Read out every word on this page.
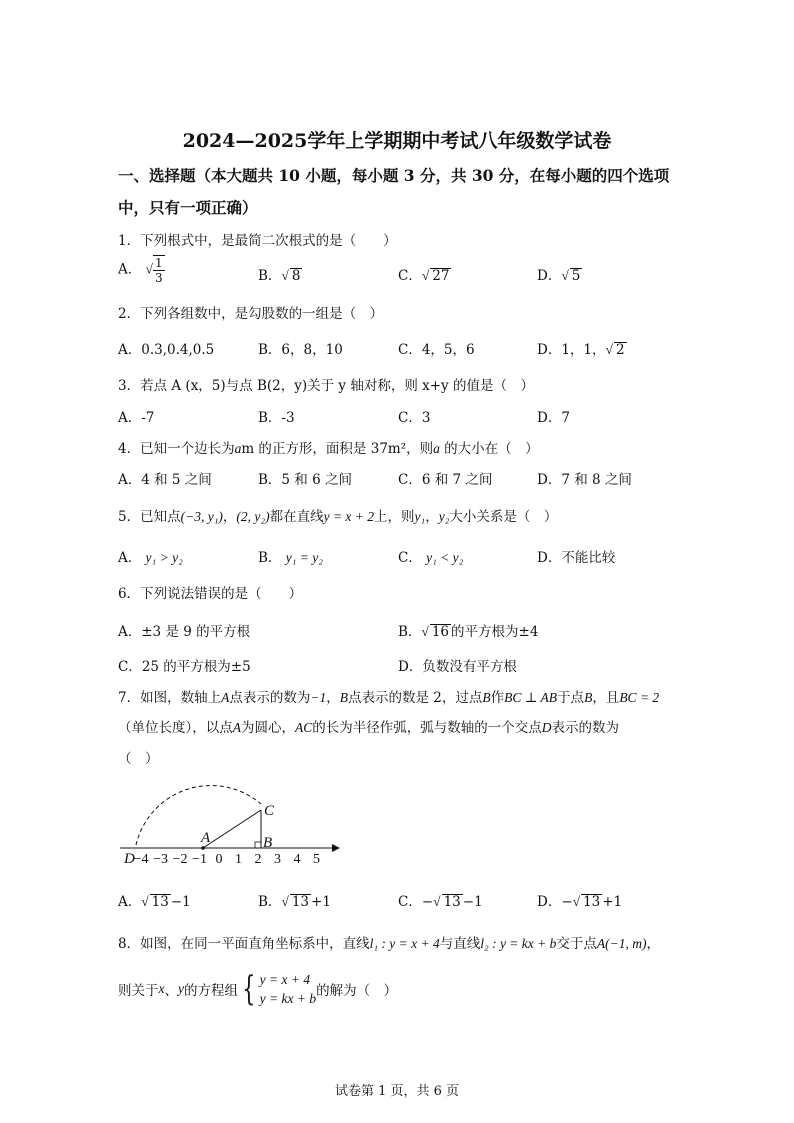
2024—2025学年上学期期中考试八年级数学试卷
一、选择题（本大题共 10 小题，每小题 3 分，共 30 分，在每小题的四个选项
中，只有一项正确）
1．下列根式中，是最简二次根式的是（　　）
A． √ $\frac{1}{3}$	B．√ 8	C．√ 27	D．√ 5
2．下列各组数中，是勾股数的一组是（　）
A．0.3,0.4,0.5	B．6，8，10	C．4，5，6	D．1，1，√ 2
3．若点 A (x，5)与点 B(2，y)关于 y 轴对称，则 x+y 的值是（　）
A．-7	B．-3	C．3	D．7
4．已知一个边长为am 的正方形，面积是 37m²，则a 的大小在（　）
A．4 和 5 之间	B．5 和 6 之间	C．6 和 7 之间	D．7 和 8 之间
5．已知点(−3, y₁)，(2, y₂)都在直线y = x + 2上，则y₁，y₂大小关系是（　）
A． y₁ > y₂	B． y₁ = y₂	C． y₁ < y₂	D．不能比较
6．下列说法错误的是（　　）
A．±3 是 9 的平方根	B．√ 16 的平方根为±4
C．25 的平方根为±5	D．负数没有平方根
7．如图，数轴上A点表示的数为−1，B点表示的数是 2，过点B作BC ⊥ AB于点B，且BC = 2
（单位长度），以点A为圆心，AC的长为半径作弧，弧与数轴的一个交点D表示的数为
（　）
C
A	B
D
−4 −3 −2 −1 0 1 2 3 4 5
A．√ 13 −1	B．√ 13 +1	C．−√ 13 −1	D．−√ 13 +1
8．如图，在同一平面直角坐标系中，直线l₁ : y = x + 4与直线l₂ : y = kx + b交于点A(−1, m)，
则关于x、y的方程组 { y = x + 4
y = kx + b 的解为（　）
试卷第 1 页，共 6 页
